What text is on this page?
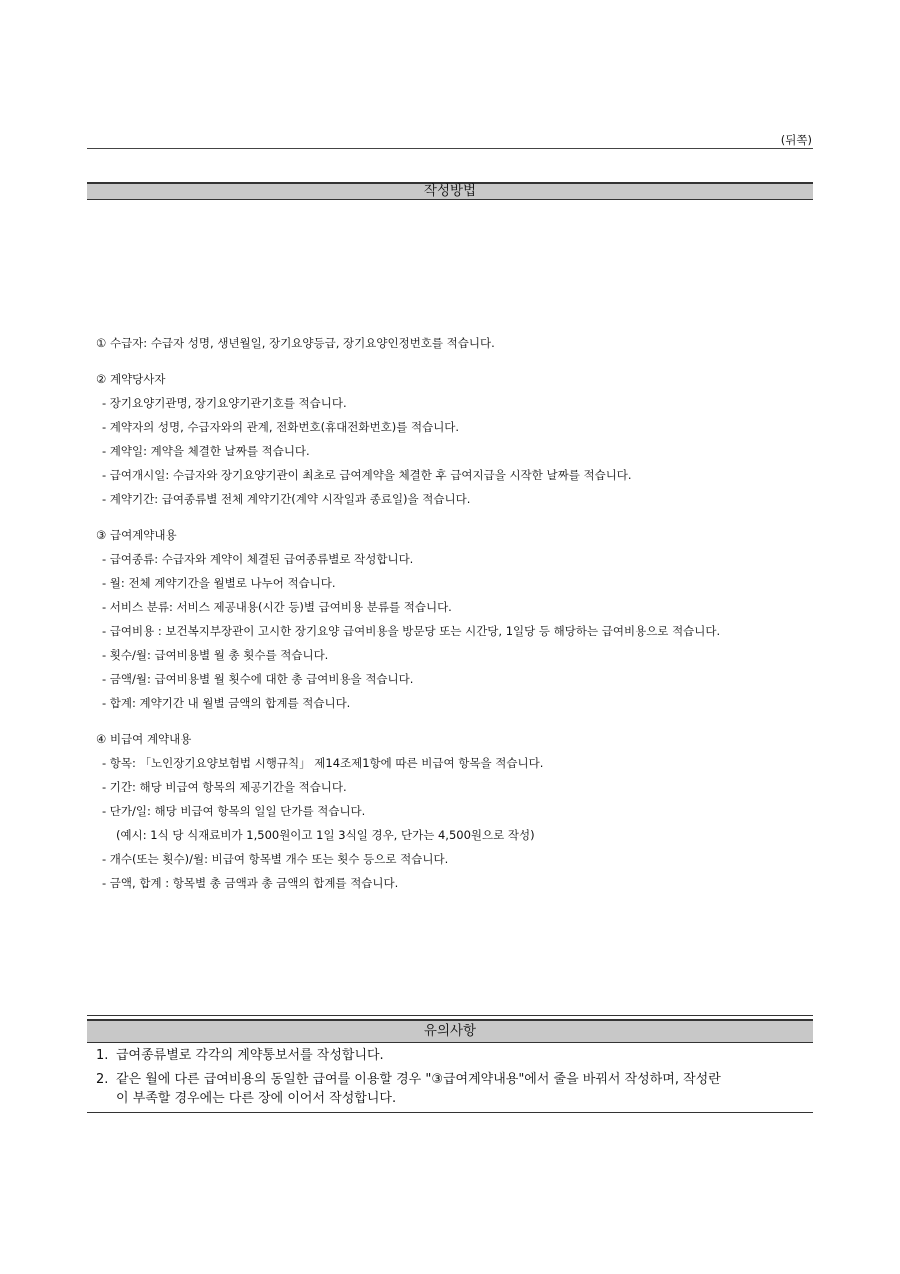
(뒤쪽)
작성방법
① 수급자: 수급자 성명, 생년월일, 장기요양등급, 장기요양인정번호를 적습니다.
② 계약당사자
- 장기요양기관명, 장기요양기관기호를 적습니다.
- 계약자의 성명, 수급자와의 관계, 전화번호(휴대전화번호)를 적습니다.
- 계약일: 계약을 체결한 날짜를 적습니다.
- 급여개시일: 수급자와 장기요양기관이 최초로 급여계약을 체결한 후 급여지급을 시작한 날짜를 적습니다.
- 계약기간: 급여종류별 전체 계약기간(계약 시작일과 종료일)을 적습니다.
③ 급여계약내용
- 급여종류: 수급자와 계약이 체결된 급여종류별로 작성합니다.
- 월: 전체 계약기간을 월별로 나누어 적습니다.
- 서비스 분류: 서비스 제공내용(시간 등)별 급여비용 분류를 적습니다.
- 급여비용 : 보건복지부장관이 고시한 장기요양 급여비용을 방문당 또는 시간당, 1일당 등 해당하는 급여비용으로 적습니다.
- 횟수/월: 급여비용별 월 총 횟수를 적습니다.
- 금액/월: 급여비용별 월 횟수에 대한 총 급여비용을 적습니다.
- 합계: 계약기간 내 월별 금액의 합계를 적습니다.
④ 비급여 계약내용
- 항목: 「노인장기요양보험법 시행규칙」 제14조제1항에 따른 비급여 항목을 적습니다.
- 기간: 해당 비급여 항목의 제공기간을 적습니다.
- 단가/일: 해당 비급여 항목의 일일 단가를 적습니다.
(예시: 1식 당 식재료비가 1,500원이고 1일 3식일 경우, 단가는 4,500원으로 작성)
- 개수(또는 횟수)/월: 비급여 항목별 개수 또는 횟수 등으로 적습니다.
- 금액, 합계 : 항목별 총 금액과 총 금액의 합계를 적습니다.
유의사항
1. 급여종류별로 각각의 계약통보서를 작성합니다.
2. 같은 월에 다른 급여비용의 동일한 급여를 이용할 경우 "③급여계약내용"에서 줄을 바꿔서 작성하며, 작성란
이 부족할 경우에는 다른 장에 이어서 작성합니다.
